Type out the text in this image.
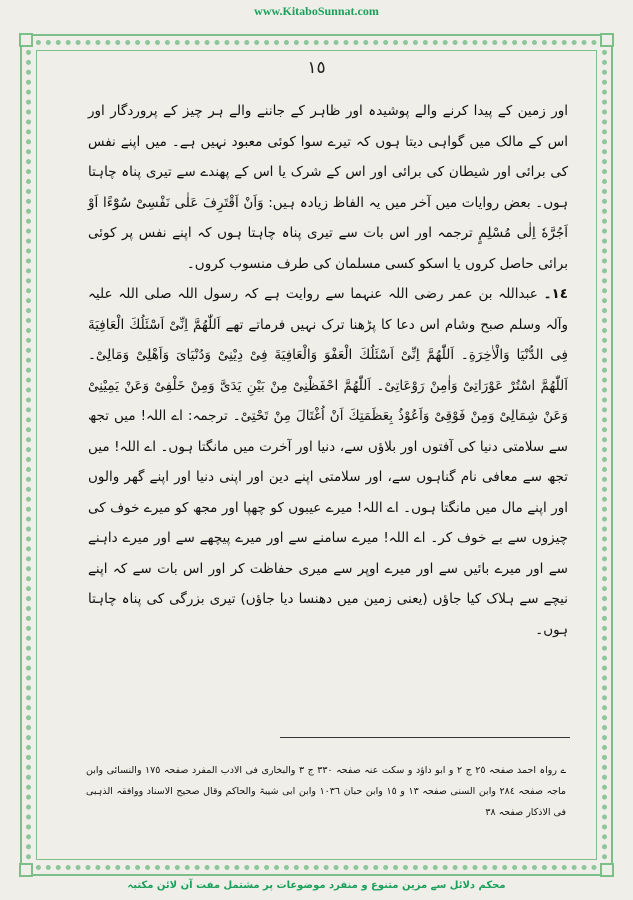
www.KitaboSunnat.com
١٥

اور زمین کے پیدا کرنے والے پوشیدہ اور ظاہر کے جاننے والے ہر چیز کے پروردگار اور اس کے مالک میں گواہی دیتا ہوں کہ تیرے سوا کوئی معبود نہیں ہے۔ میں اپنے نفس کی برائی اور شیطان کی برائی اور اس کے شرک یا اس کے پھندے سے تیری پناہ چاہتا ہوں۔ بعض روایات میں آخر میں یہ الفاظ زیادہ ہیں: وَاَنْ اَقْتَرِفَ عَلٰى نَفْسِىْ سُوْٓءًا اَوْ اَجُرَّهٗ اِلٰى مُسْلِمٍ ترجمہ اور اس بات سے تیری پناہ چاہتا ہوں کہ اپنے نفس پر کوئی برائی حاصل کروں یا اسکو کسی مسلمان کی طرف منسوب کروں۔

١٤۔ عبداللہ بن عمر رضی اللہ عنہما سے روایت ہے کہ رسول اللہ صلی اللہ علیہ وآلہ وسلم صبح وشام اس دعا کا پڑھنا ترک نہیں فرماتے تھے اَللّٰهُمَّ اِنِّىْ اَسْئَلُكَ الْعَافِيَةَ فِى الدُّنْيَا وَالْاٰخِرَةِ۔ اَللّٰهُمَّ اِنِّىْ اَسْئَلُكَ الْعَفْوَ وَالْعَافِيَةَ فِىْ دِيْنِىْ وَدُنْيَاىَ وَاَهْلِىْ وَمَالِىْ۔ اَللّٰهُمَّ اسْتُرْ عَوْرَاتِىْ وَاٰمِنْ رَوْعَاتِىْ۔ اَللّٰهُمَّ احْفَظْنِىْ مِنْ بَيْنِ يَدَىَّ وَمِنْ خَلْفِىْ وَعَنْ يَمِيْنِىْ وَعَنْ شِمَالِىْ وَمِنْ فَوْقِىْ وَاَعُوْذُ بِعَظَمَتِكَ اَنْ اُغْتَالَ مِنْ تَحْتِىْ۔ ترجمہ: اے اللہ! میں تجھ سے سلامتی دنیا کی آفتوں اور بلاؤں سے، دنیا اور آخرت میں مانگتا ہوں۔ اے اللہ! میں تجھ سے معافی نام گناہوں سے، اور سلامتی اپنے دین اور اپنی دنیا اور اپنے گھر والوں اور اپنے مال میں مانگتا ہوں۔ اے اللہ! میرے عیبوں کو چھپا اور مجھ کو میرے خوف کی چیزوں سے بے خوف کر۔ اے اللہ! میرے سامنے سے اور میرے پیچھے سے اور میرے داہنے سے اور میرے بائیں سے اور میرے اوپر سے میری حفاظت کر اور اس بات سے کہ اپنے نیچے سے ہلاک کیا جاؤں (یعنی زمین میں دھنسا دیا جاؤں) تیری بزرگی کی پناہ چاہتا ہوں۔

ے رواہ احمد صفحہ ٢٥ ج ٢ و ابو داؤد و سکت عنہ صفحہ ٣٣٠ ج ٣ والبخاری فی الادب المفرد صفحہ ١٧٥ والنسائی وابن ماجہ صفحہ ٢٨٤ وابن السنی صفحہ ١٣ و ١٥ وابن حبان ١٠٣٦ وابن ابی شیبۃ والحاکم وقال صحیح الاسناد ووافقہ الذہبی فی الاذکار صفحہ ٣٨
محکم دلائل سے مزین متنوع و منفرد موضوعات پر مشتمل مفت آن لائن مکتبہ
